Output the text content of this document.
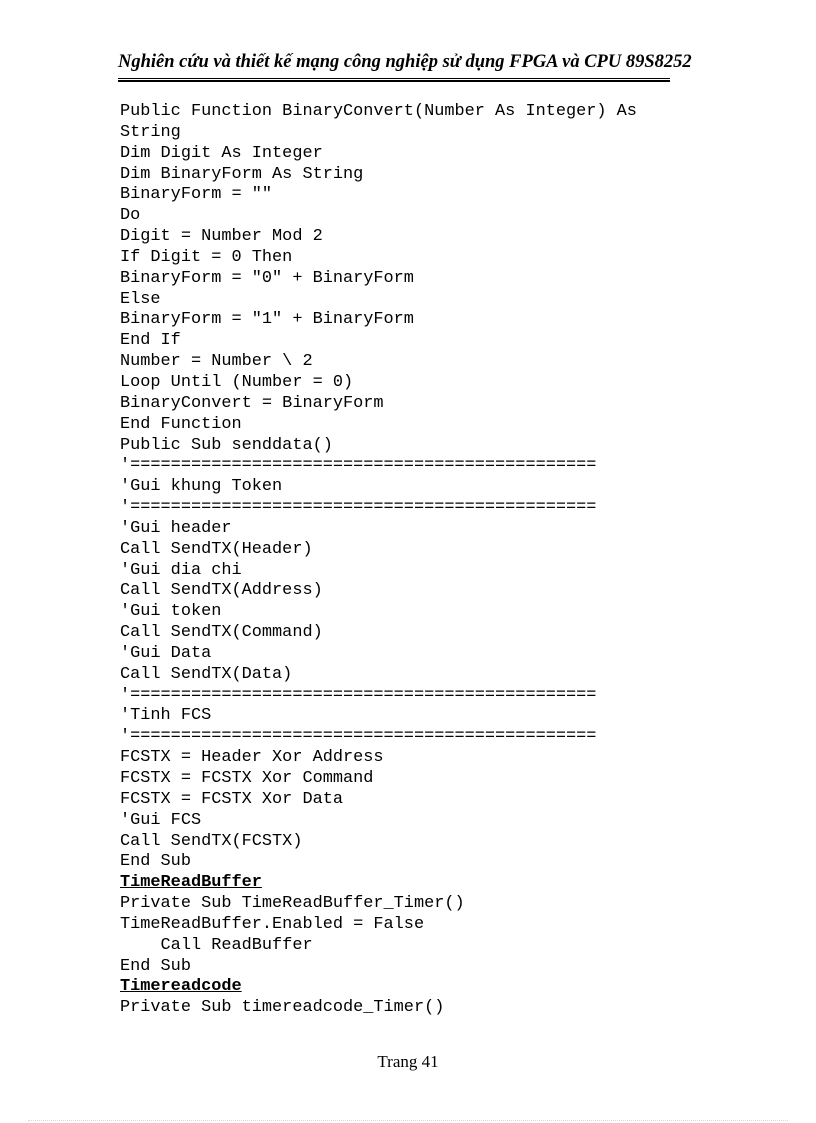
Nghiên cứu và thiết kế mạng công nghiệp sử dụng FPGA và CPU 89S8252
Public Function BinaryConvert(Number As Integer) As
String
Dim Digit As Integer
Dim BinaryForm As String
BinaryForm = ""
Do
Digit = Number Mod 2
If Digit = 0 Then
BinaryForm = "0" + BinaryForm
Else
BinaryForm = "1" + BinaryForm
End If
Number = Number \ 2
Loop Until (Number = 0)
BinaryConvert = BinaryForm
End Function
Public Sub senddata()
'==============================================
'Gui khung Token
'==============================================
'Gui header
Call SendTX(Header)
'Gui dia chi
Call SendTX(Address)
'Gui token
Call SendTX(Command)
'Gui Data
Call SendTX(Data)
'==============================================
'Tinh FCS
'==============================================
FCSTX = Header Xor Address
FCSTX = FCSTX Xor Command
FCSTX = FCSTX Xor Data
'Gui FCS
Call SendTX(FCSTX)
End Sub
TimeReadBuffer
Private Sub TimeReadBuffer_Timer()
TimeReadBuffer.Enabled = False
Call ReadBuffer
End Sub
Timereadcode
Private Sub timereadcode_Timer()
Trang 41
